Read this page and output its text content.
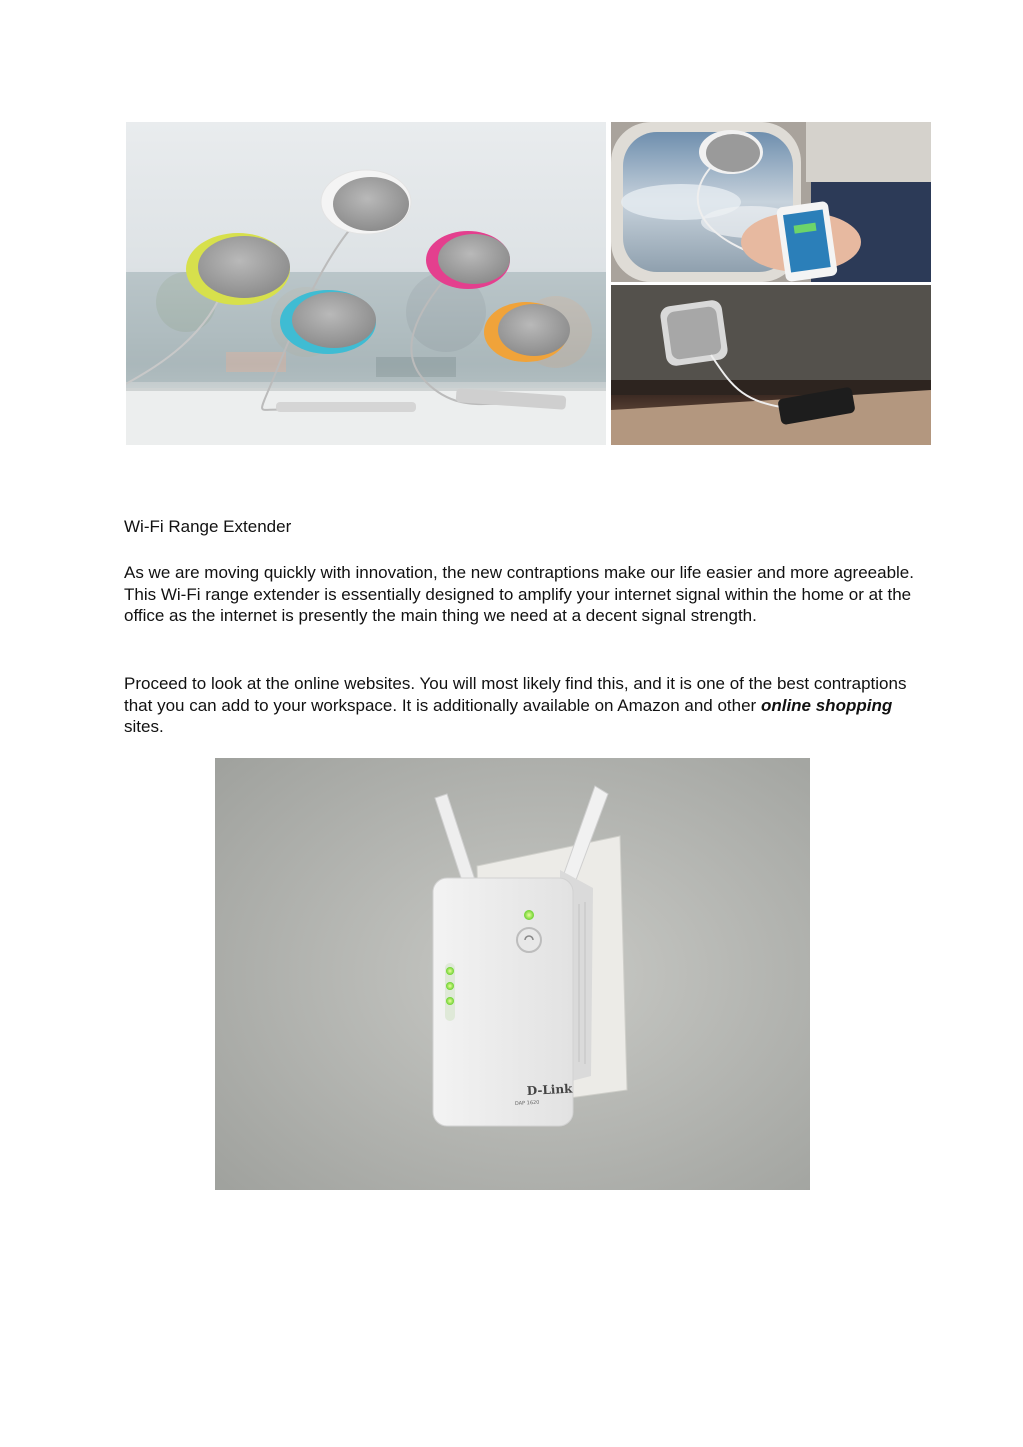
Wi-Fi Range Extender

As we are moving quickly with innovation, the new contraptions make our life easier and more agreeable. This Wi-Fi range extender is essentially designed to amplify your internet signal within the home or at the office as the internet is presently the main thing we need at a decent signal strength.

Proceed to look at the online websites. You will most likely find this, and it is one of the best contraptions that you can add to your workspace. It is additionally available on Amazon and other online shopping sites.

D-Link
DAP 1620
